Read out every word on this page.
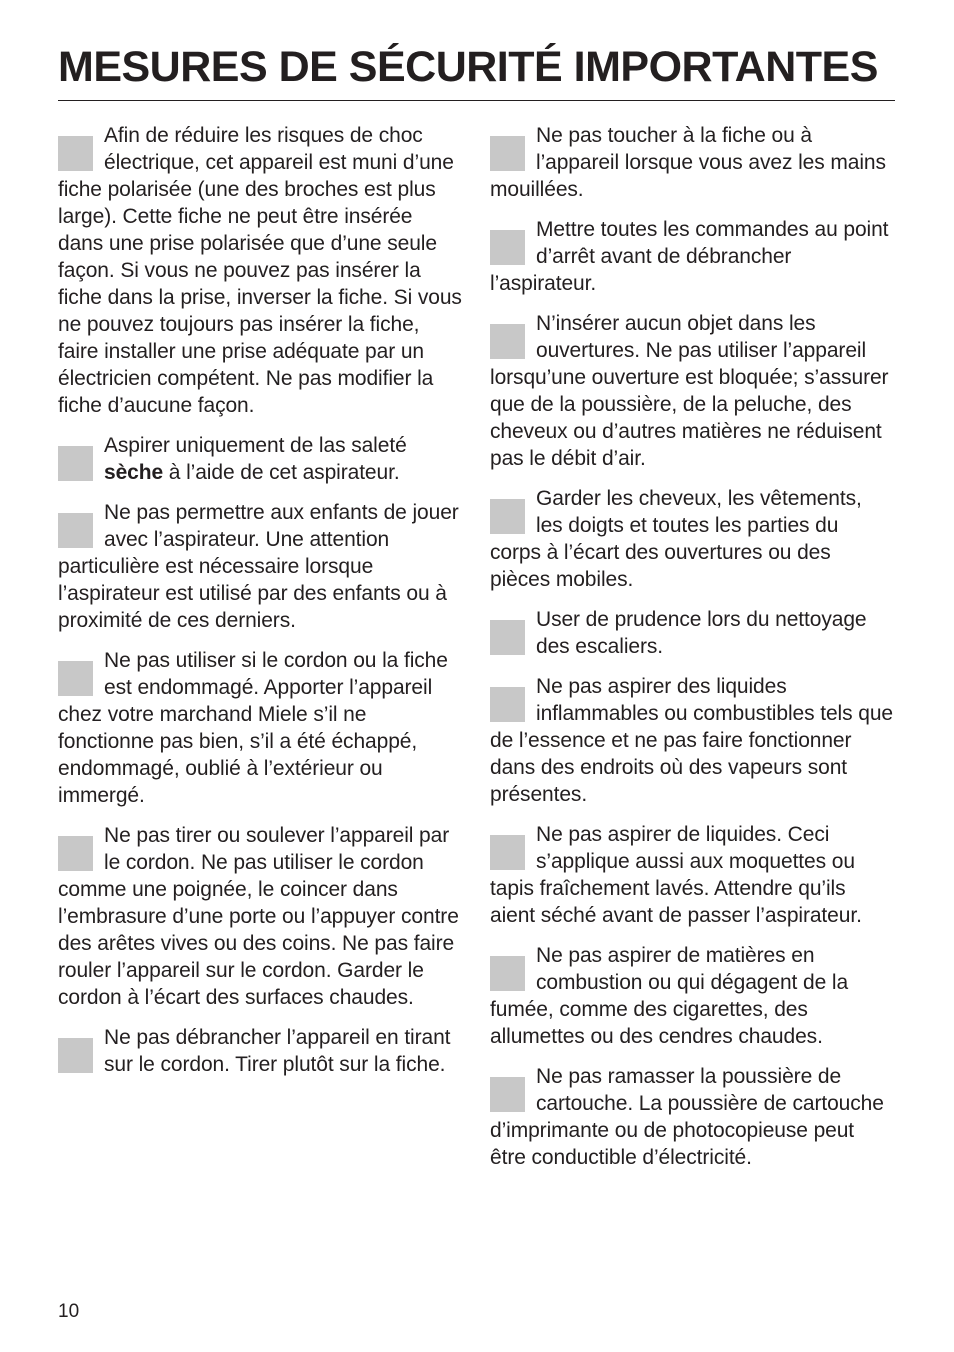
MESURES DE SÉCURITÉ IMPORTANTES

Afin de réduire les risques de choc électrique, cet appareil est muni d’une fiche polarisée (une des broches est plus large). Cette fiche ne peut être insérée dans une prise polarisée que d’une seule façon. Si vous ne pouvez pas insérer la fiche dans la prise, inverser la fiche. Si vous ne pouvez toujours pas insérer la fiche, faire installer une prise adéquate par un électricien compétent. Ne pas modifier la fiche d’aucune façon.

Aspirer uniquement de las saleté sèche à l’aide de cet aspirateur.

Ne pas permettre aux enfants de jouer avec l’aspirateur. Une attention particulière est nécessaire lorsque l’aspirateur est utilisé par des enfants ou à proximité de ces derniers.

Ne pas utiliser si le cordon ou la fiche est endommagé. Apporter l’appareil chez votre marchand Miele s’il ne fonctionne pas bien, s’il a été échappé, endommagé, oublié à l’extérieur ou immergé.

Ne pas tirer ou soulever l’appareil par le cordon. Ne pas utiliser le cordon comme une poignée, le coincer dans l’embrasure d’une porte ou l’appuyer contre des arêtes vives ou des coins. Ne pas faire rouler l’appareil sur le cordon. Garder le cordon à l’écart des surfaces chaudes.

Ne pas débrancher l’appareil en tirant sur le cordon. Tirer plutôt sur la fiche.

Ne pas toucher à la fiche ou à l’appareil lorsque vous avez les mains mouillées.

Mettre toutes les commandes au point d’arrêt avant de débrancher l’aspirateur.

N’insérer aucun objet dans les ouvertures. Ne pas utiliser l’appareil lorsqu’une ouverture est bloquée; s’assurer que de la poussière, de la peluche, des cheveux ou d’autres matières ne réduisent pas le débit d’air.

Garder les cheveux, les vêtements, les doigts et toutes les parties du corps à l’écart des ouvertures ou des pièces mobiles.

User de prudence lors du nettoyage des escaliers.

Ne pas aspirer des liquides inflammables ou combustibles tels que de l’essence et ne pas faire fonctionner dans des endroits où des vapeurs sont présentes.

Ne pas aspirer de liquides. Ceci s’applique aussi aux moquettes ou tapis fraîchement lavés. Attendre qu’ils aient séché avant de passer l’aspirateur.

Ne pas aspirer de matières en combustion ou qui dégagent de la fumée, comme des cigarettes, des allumettes ou des cendres chaudes.

Ne pas ramasser la poussière de cartouche. La poussière de cartouche d’imprimante ou de photocopieuse peut être conductible d’électricité.

10
